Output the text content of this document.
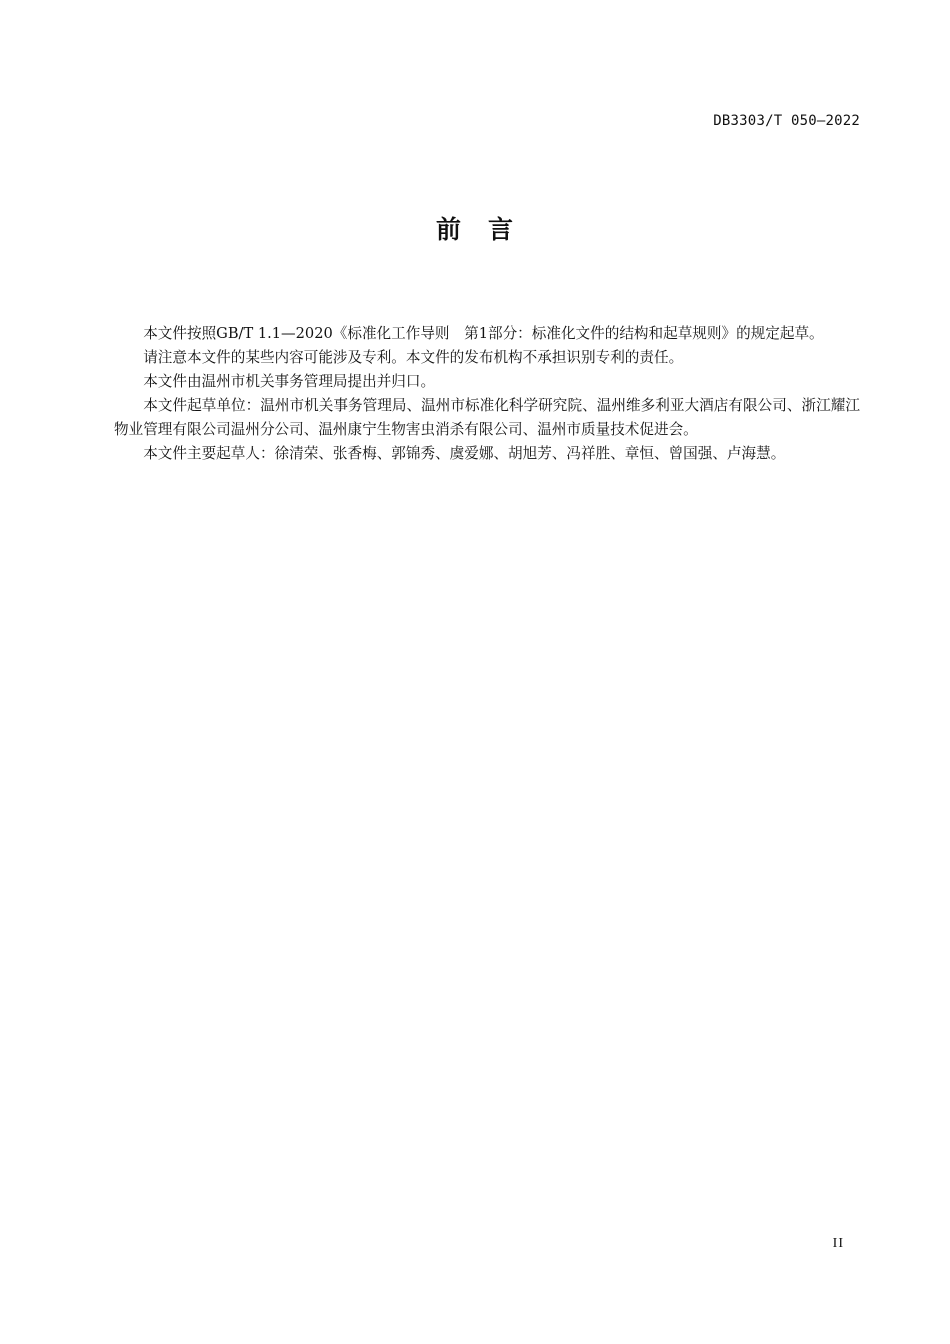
DB3303/T 050—2022
前 言

本文件按照GB/T 1.1—2020《标准化工作导则　第1部分：标准化文件的结构和起草规则》的规定起草。

请注意本文件的某些内容可能涉及专利。本文件的发布机构不承担识别专利的责任。

本文件由温州市机关事务管理局提出并归口。

本文件起草单位：温州市机关事务管理局、温州市标准化科学研究院、温州维多利亚大酒店有限公司、浙江耀江物业管理有限公司温州分公司、温州康宁生物害虫消杀有限公司、温州市质量技术促进会。

本文件主要起草人：徐清荣、张香梅、郭锦秀、虞爱娜、胡旭芳、冯祥胜、章恒、曾国强、卢海慧。

II
